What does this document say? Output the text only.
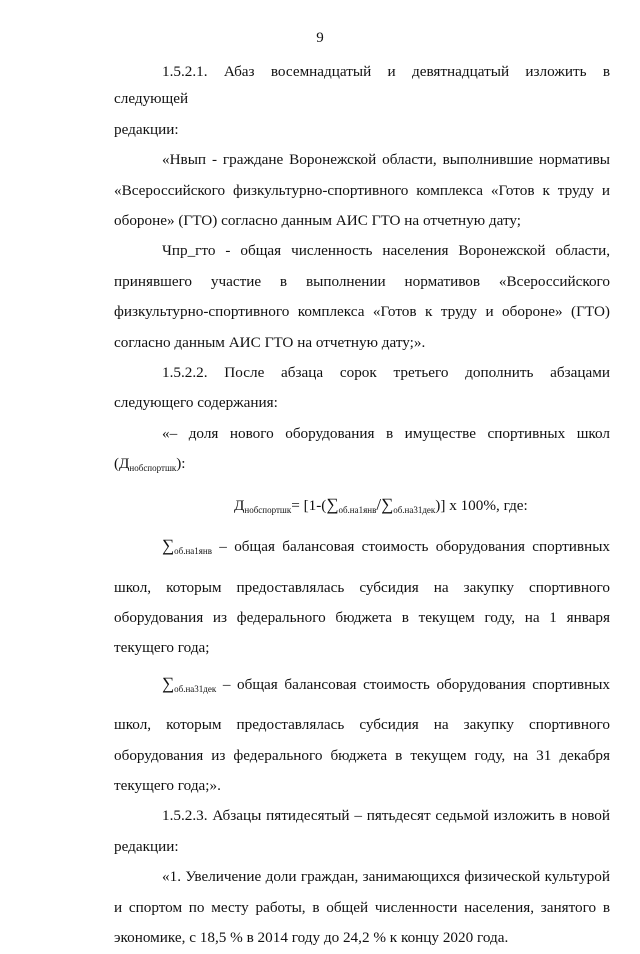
9

1.5.2.1. Абаз восемнадцатый и девятнадцатый изложить в следующей

редакции:

«Нвып - граждане Воронежской области, выполнившие нормативы

«Всероссийского физкультурно-спортивного комплекса «Готов к труду и

обороне» (ГТО) согласно данным АИС ГТО на отчетную дату;

Чпр_гто - общая численность населения Воронежской области,

принявшего участие в выполнении нормативов «Всероссийского

физкультурно-спортивного комплекса «Готов к труду и обороне» (ГТО)

согласно данным АИС ГТО на отчетную дату;».

1.5.2.2. После абзаца сорок третьего дополнить абзацами

следующего содержания:

«– доля нового оборудования в имуществе спортивных школ

$(Д_{нобспортшк})$:

$Д_{нобспортшк}= [1-(\sum об.на1янв/\sum об.на31дек)]$ x 100%, где:

∑об.на1янв – общая балансовая стоимость оборудования спортивных

школ, которым предоставлялась субсидия на закупку спортивного

оборудования из федерального бюджета в текущем году, на 1 января

текущего года;

∑об.на31дек – общая балансовая стоимость оборудования спортивных

школ, которым предоставлялась субсидия на закупку спортивного

оборудования из федерального бюджета в текущем году, на 31 декабря

текущего года;».

1.5.2.3. Абзацы пятидесятый – пятьдесят седьмой изложить в новой

редакции:

«1. Увеличение доли граждан, занимающихся физической культурой

и спортом по месту работы, в общей численности населения, занятого в

экономике, с 18,5 % в 2014 году до 24,2 % к концу 2020 года.
